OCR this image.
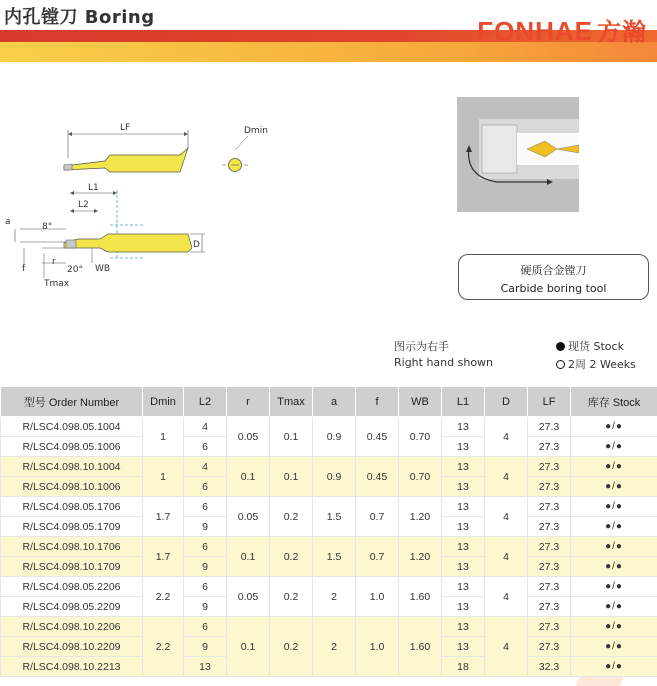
内孔镗刀 Boring	FONHAE 方瀚
LF	Dmin
L1
L2
a	8°
f
r
20°
Tmax
WB
D
硬质合金镗刀
Carbide boring tool
图示为右手
Right hand shown
现货 Stock
2周 2 Weeks
型号 Order Number	Dmin	L2	r	Tmax	a	f	WB	L1	D	LF	库存 Stock
R/LSC4.098.05.1004	1	4	0.05	0.1	0.9	0.45	0.70	13	4	27.3	●/●
R/LSC4.098.05.1006		6						13		27.3	●/●
R/LSC4.098.10.1004	1	4	0.1	0.1	0.9	0.45	0.70	13	4	27.3	●/●
R/LSC4.098.10.1006		6						13		27.3	●/●
R/LSC4.098.05.1706	1.7	6	0.05	0.2	1.5	0.7	1.20	13	4	27.3	●/●
R/LSC4.098.05.1709		9						13		27.3	●/●
R/LSC4.098.10.1706	1.7	6	0.1	0.2	1.5	0.7	1.20	13	4	27.3	●/●
R/LSC4.098.10.1709		9						13		27.3	●/●
R/LSC4.098.05.2206	2.2	6	0.05	0.2	2	1.0	1.60	13	4	27.3	●/●
R/LSC4.098.05.2209		9						13		27.3	●/●
R/LSC4.098.10.2206	2.2	6	0.1	0.2	2	1.0	1.60	13	4	27.3	●/●
R/LSC4.098.10.2209		9						13		27.3	●/●
R/LSC4.098.10.2213		13						18		32.3	●/●
